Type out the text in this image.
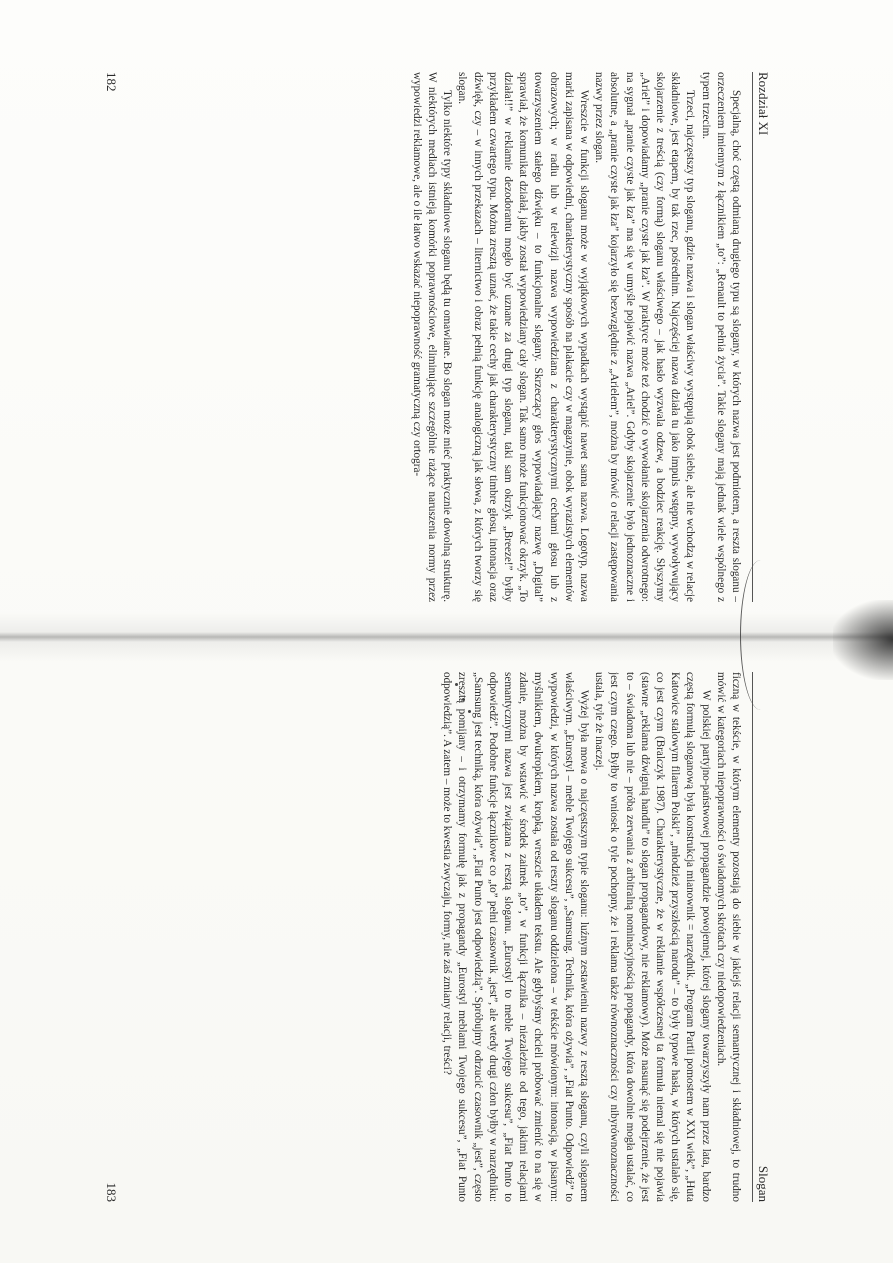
Rozdział XI

Specjalną, choć częstą odmianą drugiego typu są slogany, w których nazwa jest podmiotem, a reszta sloganu – orzeczeniem imiennym z łącznikiem „to”: „Renault to pełnia życia”. Takie slogany mają jednak wiele wspólnego z typem trzecim.

Trzeci, najczęstszy typ sloganu, gdzie nazwa i slogan właściwy występują obok siebie, ale nie wchodzą w relacje składniowe, jest etapem, by tak rzec, pośrednim. Najczęściej nazwa działa tu jako impuls wstępny, wywoływujący skojarzenie z treścią (czy formą) sloganu właściwego – jak hasło wyzwala odzew, a bodziec reakcję. Słyszymy „Ariel” i dopowiadamy „pranie czyste jak łza”. W praktyce może też chodzić o wywołanie skojarzenia odwrotnego: na sygnał „pranie czyste jak łza” ma się w umyśle pojawić nazwa „Ariel”. Gdyby skojarzenie było jednoznaczne i absolutne, a „pranie czyste jak łza” kojarzyło się bezwzględnie z „Arielem”, można by mówić o relacji zastępowania nazwy przez slogan.

Wreszcie w funkcji sloganu może w wyjątkowych wypadkach wystąpić nawet sama nazwa. Logotyp, nazwa marki zapisana w odpowiedni, charakterystyczny sposób na plakacie czy w magazynie, obok wyrazistych elementów obrazowych; w radiu lub w telewizji nazwa wypowiedziana z charakterystycznymi cechami głosu lub z towarzyszeniem stałego dźwięku – to funkcjonalne slogany. Skrzeczący głos wypowiadający nazwę „Digital” sprawiał, że komunikat działał, jakby został wypowiedziany cały slogan. Tak samo może funkcjonować okrzyk. „To działa!!” w reklamie dezodorantu mogło być uznane za drugi typ sloganu, taki sam okrzyk „Breeze!” byłby przykładem czwartego typu. Można zresztą uznać, że takie cechy jak charakterystyczny timbre głosu, intonacja oraz dźwięk, czy – w innych przekazach – liternictwo i obraz pełnią funkcję analogiczną jak słowa, z których tworzy się slogan.

Tylko niektóre typy składniowe sloganu będą tu omawiane. Bo slogan może mieć praktycznie dowolną strukturę. W niektórych mediach istnieją komórki poprawnościowe, eliminujące szczególnie rażące naruszenia normy przez wypowiedzi reklamowe, ale o ile łatwo wskazać niepoprawność gramatyczną czy ortogra-

182
Slogan

ficzną w tekście, w którym elementy pozostają do siebie w jakiejś relacji semantycznej i składniowej, to trudno mówić w kategoriach niepoprawności o świadomych skrótach czy niedopowiedzeniach.

W polskiej partyjno-państwowej propagandzie powojennej, której slogany towarzyszyły nam przez lata, bardzo częstą formułą sloganową była konstrukcja mianownik = narzędnik. „Program Partii pomostem w XXI wiek”, „Huta Katowice stalowym filarem Polski”, „młodzież przyszłością narodu” – to były typowe hasła, w których ustalało się, co jest czym (Bralczyk 1987). Charakterystyczne, że w reklamie współczesnej ta formuła niemal się nie pojawia (stawne „reklama dźwignią handlu” to slogan propagandowy, nie reklamowy). Może nasunąć się podejrzenie, że jest to – świadoma lub nie – próba zerwania z arbitralną nominacyjnością propagandy, która dowolnie mogła ustalać, co jest czym czego. Byłby to wniosek o tyle pochopny, że i reklama także równoznaczności czy nibyrównoznaczności ustala, tyle że inaczej.

Wyżej była mowa o najczęstszym typie sloganu: luźnym zestawieniu nazwy z resztą sloganu, czyli sloganem właściwym. „Eurostyl – meble Twojego sukcesu”, „Samsung. Technika, która ożywia”, „Fiat Punto. Odpowiedź” to wypowiedzi, w których nazwa została od reszty sloganu oddzielona – w tekście mówionym: intonacją, w pisanym: myślnikiem, dwukropkiem, kropką, wreszcie układem tekstu. Ale gdybyśmy chcieli próbować zmienić to na się w zdanie, można by wstawić w środek zaimek „to”, w funkcji łącznika – niezależnie od tego, jakimi relacjami semantycznymi nazwa jest związana z resztą sloganu. „Eurostyl to meble Twojego sukcesu”, „Fiat Punto to odpowiedź”. Podobne funkcje łącznikowe co „to” pełni czasownik „jest”, ale wtedy drugi człon byłby w narzędniku: „Samsung jest techniką, która ożywia”, „Fiat Punto jest odpowiedzią”. Spróbujmy odrzucić czasownik „jest”, często zresztą pomijany – i otrzymamy formułę jak z propagandy „Eurostyl meblami Twojego sukcesu”, „Fiat Punto odpowiedzią”. A zatem – może to kwestia zwyczaju, formy, nie zaś zmiany relacji, treści?

183
